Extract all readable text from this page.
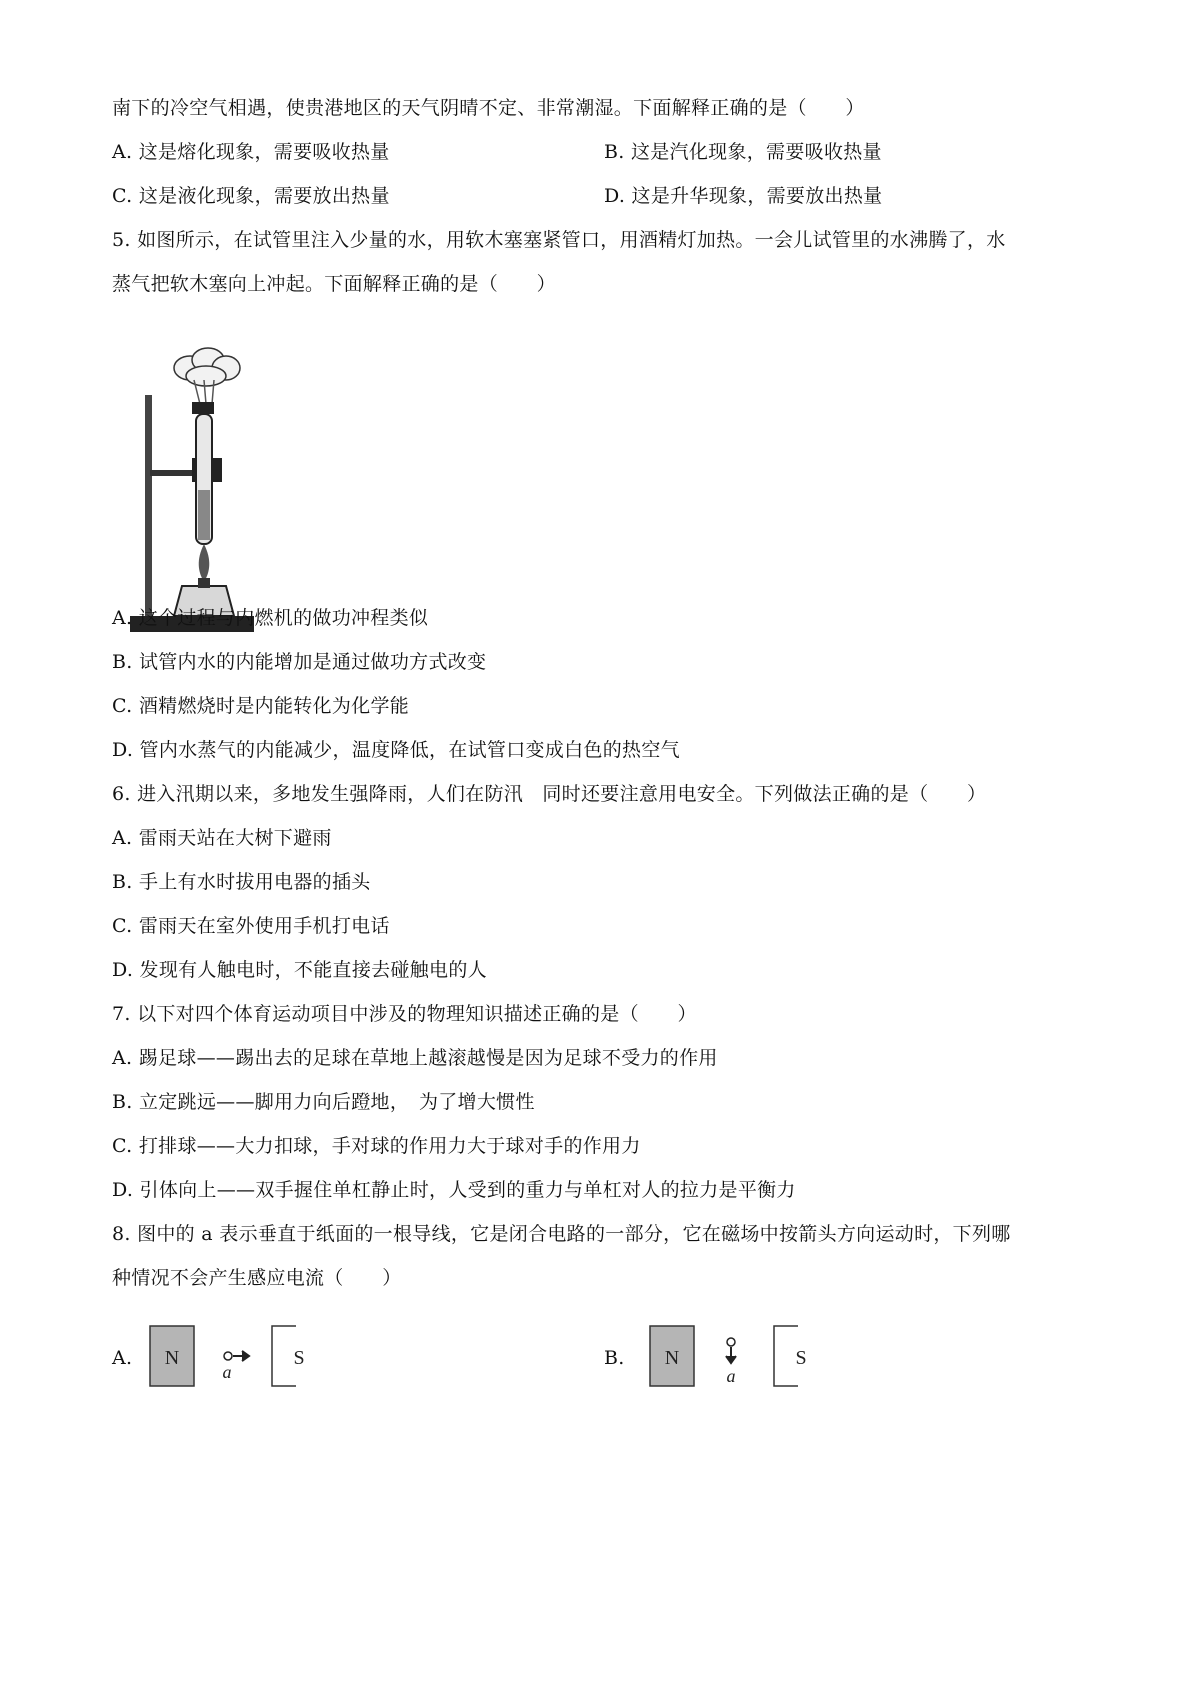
南下的冷空气相遇，使贵港地区的天气阴晴不定、非常潮湿。下面解释正确的是（　　）
A. 这是熔化现象，需要吸收热量	B. 这是汽化现象，需要吸收热量
C. 这是液化现象，需要放出热量	D. 这是升华现象，需要放出热量
5. 如图所示，在试管里注入少量的水，用软木塞塞紧管口，用酒精灯加热。一会儿试管里的水沸腾了，水
蒸气把软木塞向上冲起。下面解释正确的是（　　）
A. 这个过程与内燃机的做功冲程类似
B. 试管内水的内能增加是通过做功方式改变
C. 酒精燃烧时是内能转化为化学能
D. 管内水蒸气的内能减少，温度降低，在试管口变成白色的热空气
6. 进入汛期以来，多地发生强降雨，人们在防汛　同时还要注意用电安全。下列做法正确的是（　　）
A. 雷雨天站在大树下避雨
B. 手上有水时拔用电器的插头
C. 雷雨天在室外使用手机打电话
D. 发现有人触电时，不能直接去碰触电的人
7. 以下对四个体育运动项目中涉及的物理知识描述正确的是（　　）
A. 踢足球——踢出去的足球在草地上越滚越慢是因为足球不受力的作用
B. 立定跳远——脚用力向后蹬地，　为了增大惯性
C. 打排球——大力扣球，手对球的作用力大于球对手的作用力
D. 引体向上——双手握住单杠静止时，人受到的重力与单杠对人的拉力是平衡力
8. 图中的 a 表示垂直于纸面的一根导线，它是闭合电路的一部分，它在磁场中按箭头方向运动时，下列哪
种情况不会产生感应电流（　　）
A. N
a
S	B. N
a
S
